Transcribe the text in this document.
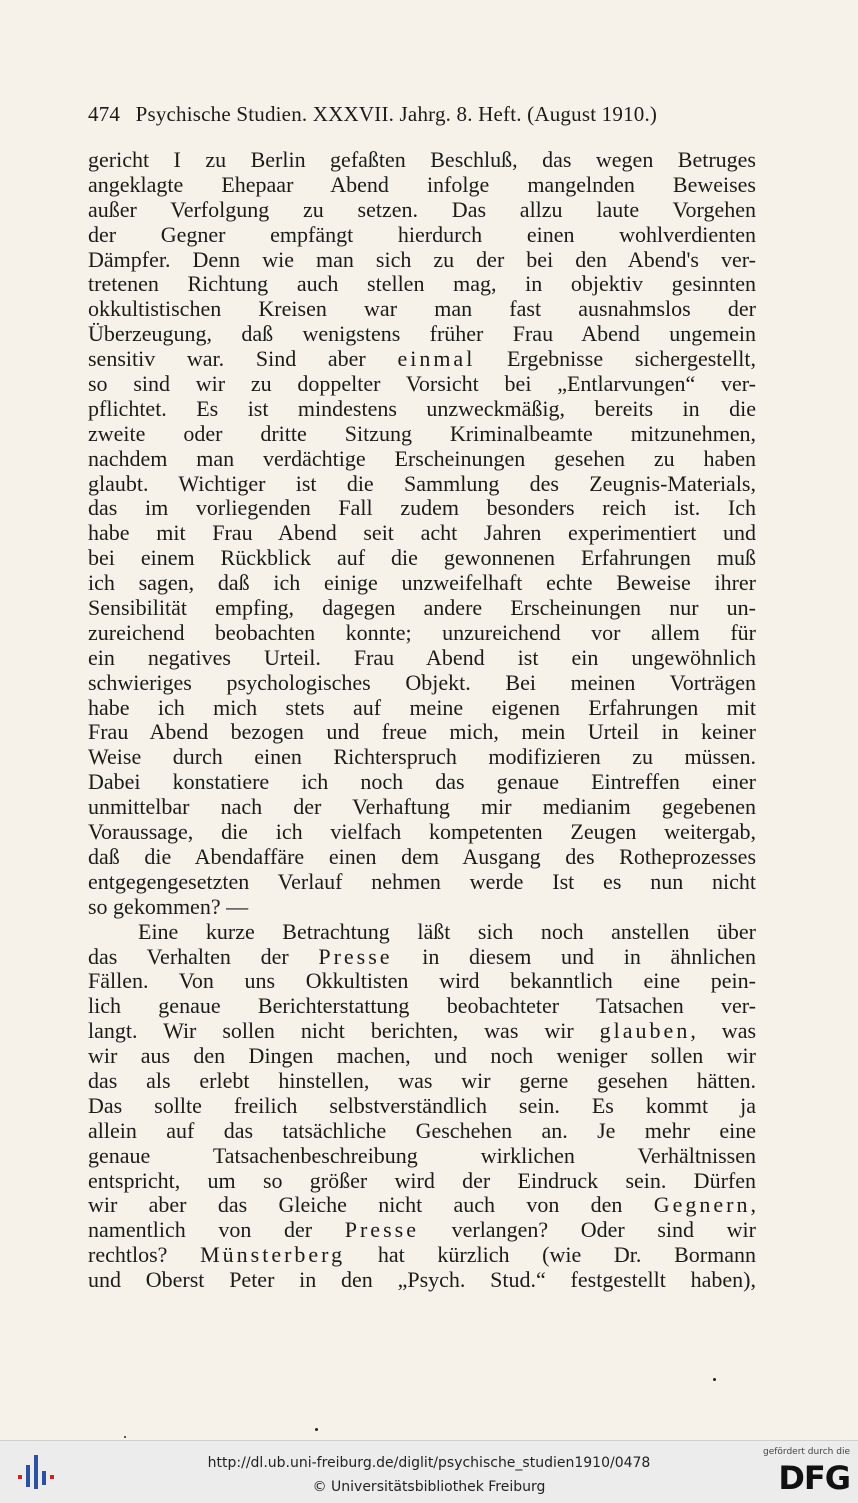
474 Psychische Studien. XXXVII. Jahrg. 8. Heft. (August 1910.)
gericht I zu Berlin gefaßten Beschluß, das wegen Betruges
angeklagte Ehepaar Abend infolge mangelnden Beweises
außer Verfolgung zu setzen. Das allzu laute Vorgehen
der Gegner empfängt hierdurch einen wohlverdienten
Dämpfer. Denn wie man sich zu der bei den Abend's ver-
tretenen Richtung auch stellen mag, in objektiv gesinnten
okkultistischen Kreisen war man fast ausnahmslos der
Überzeugung, daß wenigstens früher Frau Abend ungemein
sensitiv war. Sind aber einmal Ergebnisse sichergestellt,
so sind wir zu doppelter Vorsicht bei „Entlarvungen“ ver-
pflichtet. Es ist mindestens unzweckmäßig, bereits in die
zweite oder dritte Sitzung Kriminalbeamte mitzunehmen,
nachdem man verdächtige Erscheinungen gesehen zu haben
glaubt. Wichtiger ist die Sammlung des Zeugnis-Materials,
das im vorliegenden Fall zudem besonders reich ist. Ich
habe mit Frau Abend seit acht Jahren experimentiert und
bei einem Rückblick auf die gewonnenen Erfahrungen muß
ich sagen, daß ich einige unzweifelhaft echte Beweise ihrer
Sensibilität empfing, dagegen andere Erscheinungen nur un-
zureichend beobachten konnte; unzureichend vor allem für
ein negatives Urteil. Frau Abend ist ein ungewöhnlich
schwieriges psychologisches Objekt. Bei meinen Vorträgen
habe ich mich stets auf meine eigenen Erfahrungen mit
Frau Abend bezogen und freue mich, mein Urteil in keiner
Weise durch einen Richterspruch modifizieren zu müssen.
Dabei konstatiere ich noch das genaue Eintreffen einer
unmittelbar nach der Verhaftung mir medianim gegebenen
Voraussage, die ich vielfach kompetenten Zeugen weitergab,
daß die Abendaffäre einen dem Ausgang des Rotheprozesses
entgegengesetzten Verlauf nehmen werde Ist es nun nicht
so gekommen? —
Eine kurze Betrachtung läßt sich noch anstellen über
das Verhalten der Presse in diesem und in ähnlichen
Fällen. Von uns Okkultisten wird bekanntlich eine pein-
lich genaue Berichterstattung beobachteter Tatsachen ver-
langt. Wir sollen nicht berichten, was wir glauben, was
wir aus den Dingen machen, und noch weniger sollen wir
das als erlebt hinstellen, was wir gerne gesehen hätten.
Das sollte freilich selbstverständlich sein. Es kommt ja
allein auf das tatsächliche Geschehen an. Je mehr eine
genaue Tatsachenbeschreibung wirklichen Verhältnissen
entspricht, um so größer wird der Eindruck sein. Dürfen
wir aber das Gleiche nicht auch von den Gegnern,
namentlich von der Presse verlangen? Oder sind wir
rechtlos? Münsterberg hat kürzlich (wie Dr. Bormann
und Oberst Peter in den „Psych. Stud.“ festgestellt haben),
http://dl.ub.uni-freiburg.de/diglit/psychische_studien1910/0478
© Universitätsbibliothek Freiburg
gefördert durch die
DFG
